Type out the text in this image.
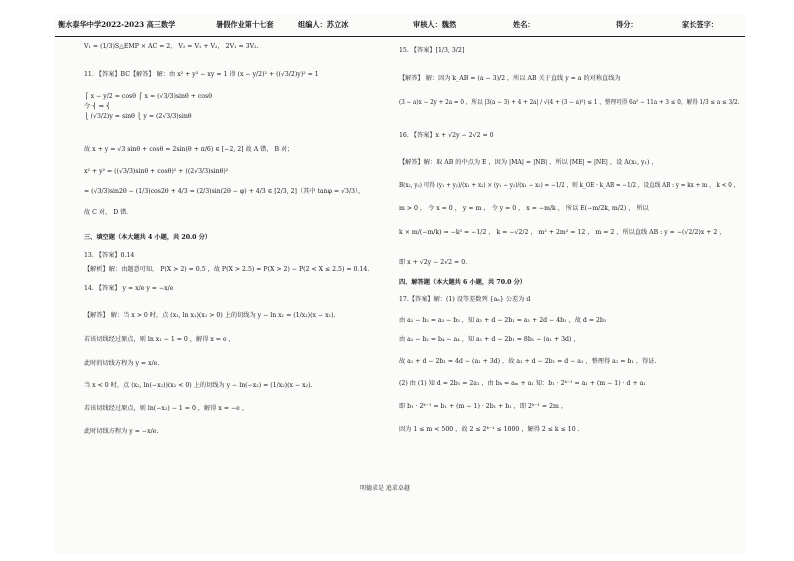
衡水泰华中学2022-2023 高三数学	暑假作业第十七套	组编人：苏立冰	审核人：魏然	姓名：	得分：	家长签字：
V₁ = (1/3)S△EMP × AC = 2， V₂ = V₁ + V₂， 2V₁ = 3V₂.
11. 【答案】BC【解答】 解：由 x² + y² − xy = 1 得 (x − y/2)² + ((√3/2)y)² = 1
⎧ x − y/2 = cosθ ⎧ x = (√3/3)sinθ + cosθ
令 ⎨ ⇒ ⎨
⎩ (√3/2)y = sinθ ⎩ y = (2√3/3)sinθ
故 x + y = √3 sinθ + cosθ = 2sin(θ + π/6) ∈ [−2, 2] 故 A 错， B 对；
x² + y² = ((√3/3)sinθ + cosθ)² + ((2√3/3)sinθ)²
= (√3/3)sin2θ − (1/3)cos2θ + 4/3 = (2/3)sin(2θ − φ) + 4/3 ∈ [2/3, 2]（其中 tanφ = √3/3），
故 C 对， D 错．
三、填空题（本大题共 4 小题，共 20.0 分）
13. 【答案】0.14
【解析】解：由题意可知， P(X > 2) = 0.5 ，故 P(X > 2.5) = P(X > 2) − P(2 < X ≤ 2.5) = 0.14.
14. 【答案】 y = x/e y = −x/e
【解答】 解：当 x > 0 时，点 (x₁, ln x₁)(x₁ > 0) 上的切线为 y − ln x₁ = (1/x₁)(x − x₁).
若该切线经过原点，则 ln x₁ − 1 = 0 ，解得 x = e ，
此时的切线方程为 y = x/e.
当 x < 0 时，点 (x₂, ln(−x₂))(x₂ < 0) 上的切线为 y − ln(−x₂) = (1/x₂)(x − x₂).
若该切线经过原点，则 ln(−x₂) − 1 = 0 ，解得 x = −e ，
此时切线方程为 y = −x/e.
15. 【答案】[1/3, 3/2]
【解答】 解：因为 k_AB = (a − 3)/2 ，所以 AB 关于直线 y = a 的对称直线为
(3 − a)x − 2y + 2a = 0 ，所以 |3(a − 3) + 4 + 2a| / √(4 + (3 − a)²) ≤ 1 ，整理可得 6a² − 11a + 3 ≤ 0，解得 1/3 ≤ a ≤ 3/2.
16. 【答案】x + √2y − 2√2 = 0
【解答】解：取 AB 的中点为 E ，因为 |MA| = |NB| ，所以 |ME| = |NE| ，设 A(x₁, y₁) ，
B(x₂, y₂) 可得 (y₁ + y₂)/(x₁ + x₂) × (y₁ − y₂)/(x₁ − x₂) = −1/2 ，则 k_OE · k_AB = −1/2 ，设直线 AB : y = kx + m ， k < 0 ，
m > 0 ， 令 x = 0 ， y = m ， 令 y = 0 ， x = −m/k ， 所以 E(−m/2k, m/2) ， 所以
k × m/(−m/k) = −k² = −1/2 ， k = −√2/2 ， m² + 2m² = 12 ， m = 2 ，所以直线 AB : y = −(√2/2)x + 2 ，
即 x + √2y − 2√2 = 0.
四、解答题（本大题共 6 小题，共 70.0 分）
17.【答案】解：(1) 设等差数列 {aₙ} 公差为 d
由 a₂ − b₂ = a₃ − b₃ ，知 a₁ + d − 2b₁ = a₁ + 2d − 4b₁ ，故 d = 2b₁
由 a₂ − b₂ = b₄ − a₄ ，知 a₁ + d − 2b₁ = 8b₁ − (a₁ + 3d) ，
故 a₁ + d − 2b₁ = 4d − (a₁ + 3d) ，故 a₁ + d − 2b₁ = d − a₁ ，整理得 a₁ = b₁ ，得证.
(2) 由 (1) 知 d = 2b₁ = 2a₁ ，由 bₖ = aₘ + a₁ 知：b₁ · 2ᵏ⁻¹ = a₁ + (m − 1) · d + a₁
即 b₁ · 2ᵏ⁻¹ = b₁ + (m − 1) · 2b₁ + b₁ ，即 2ᵏ⁻¹ = 2m ，
因为 1 ≤ m < 500 ，故 2 ≤ 2ᵏ⁻¹ ≤ 1000 ，解得 2 ≤ k ≤ 10 .
明德求是 追求卓越
